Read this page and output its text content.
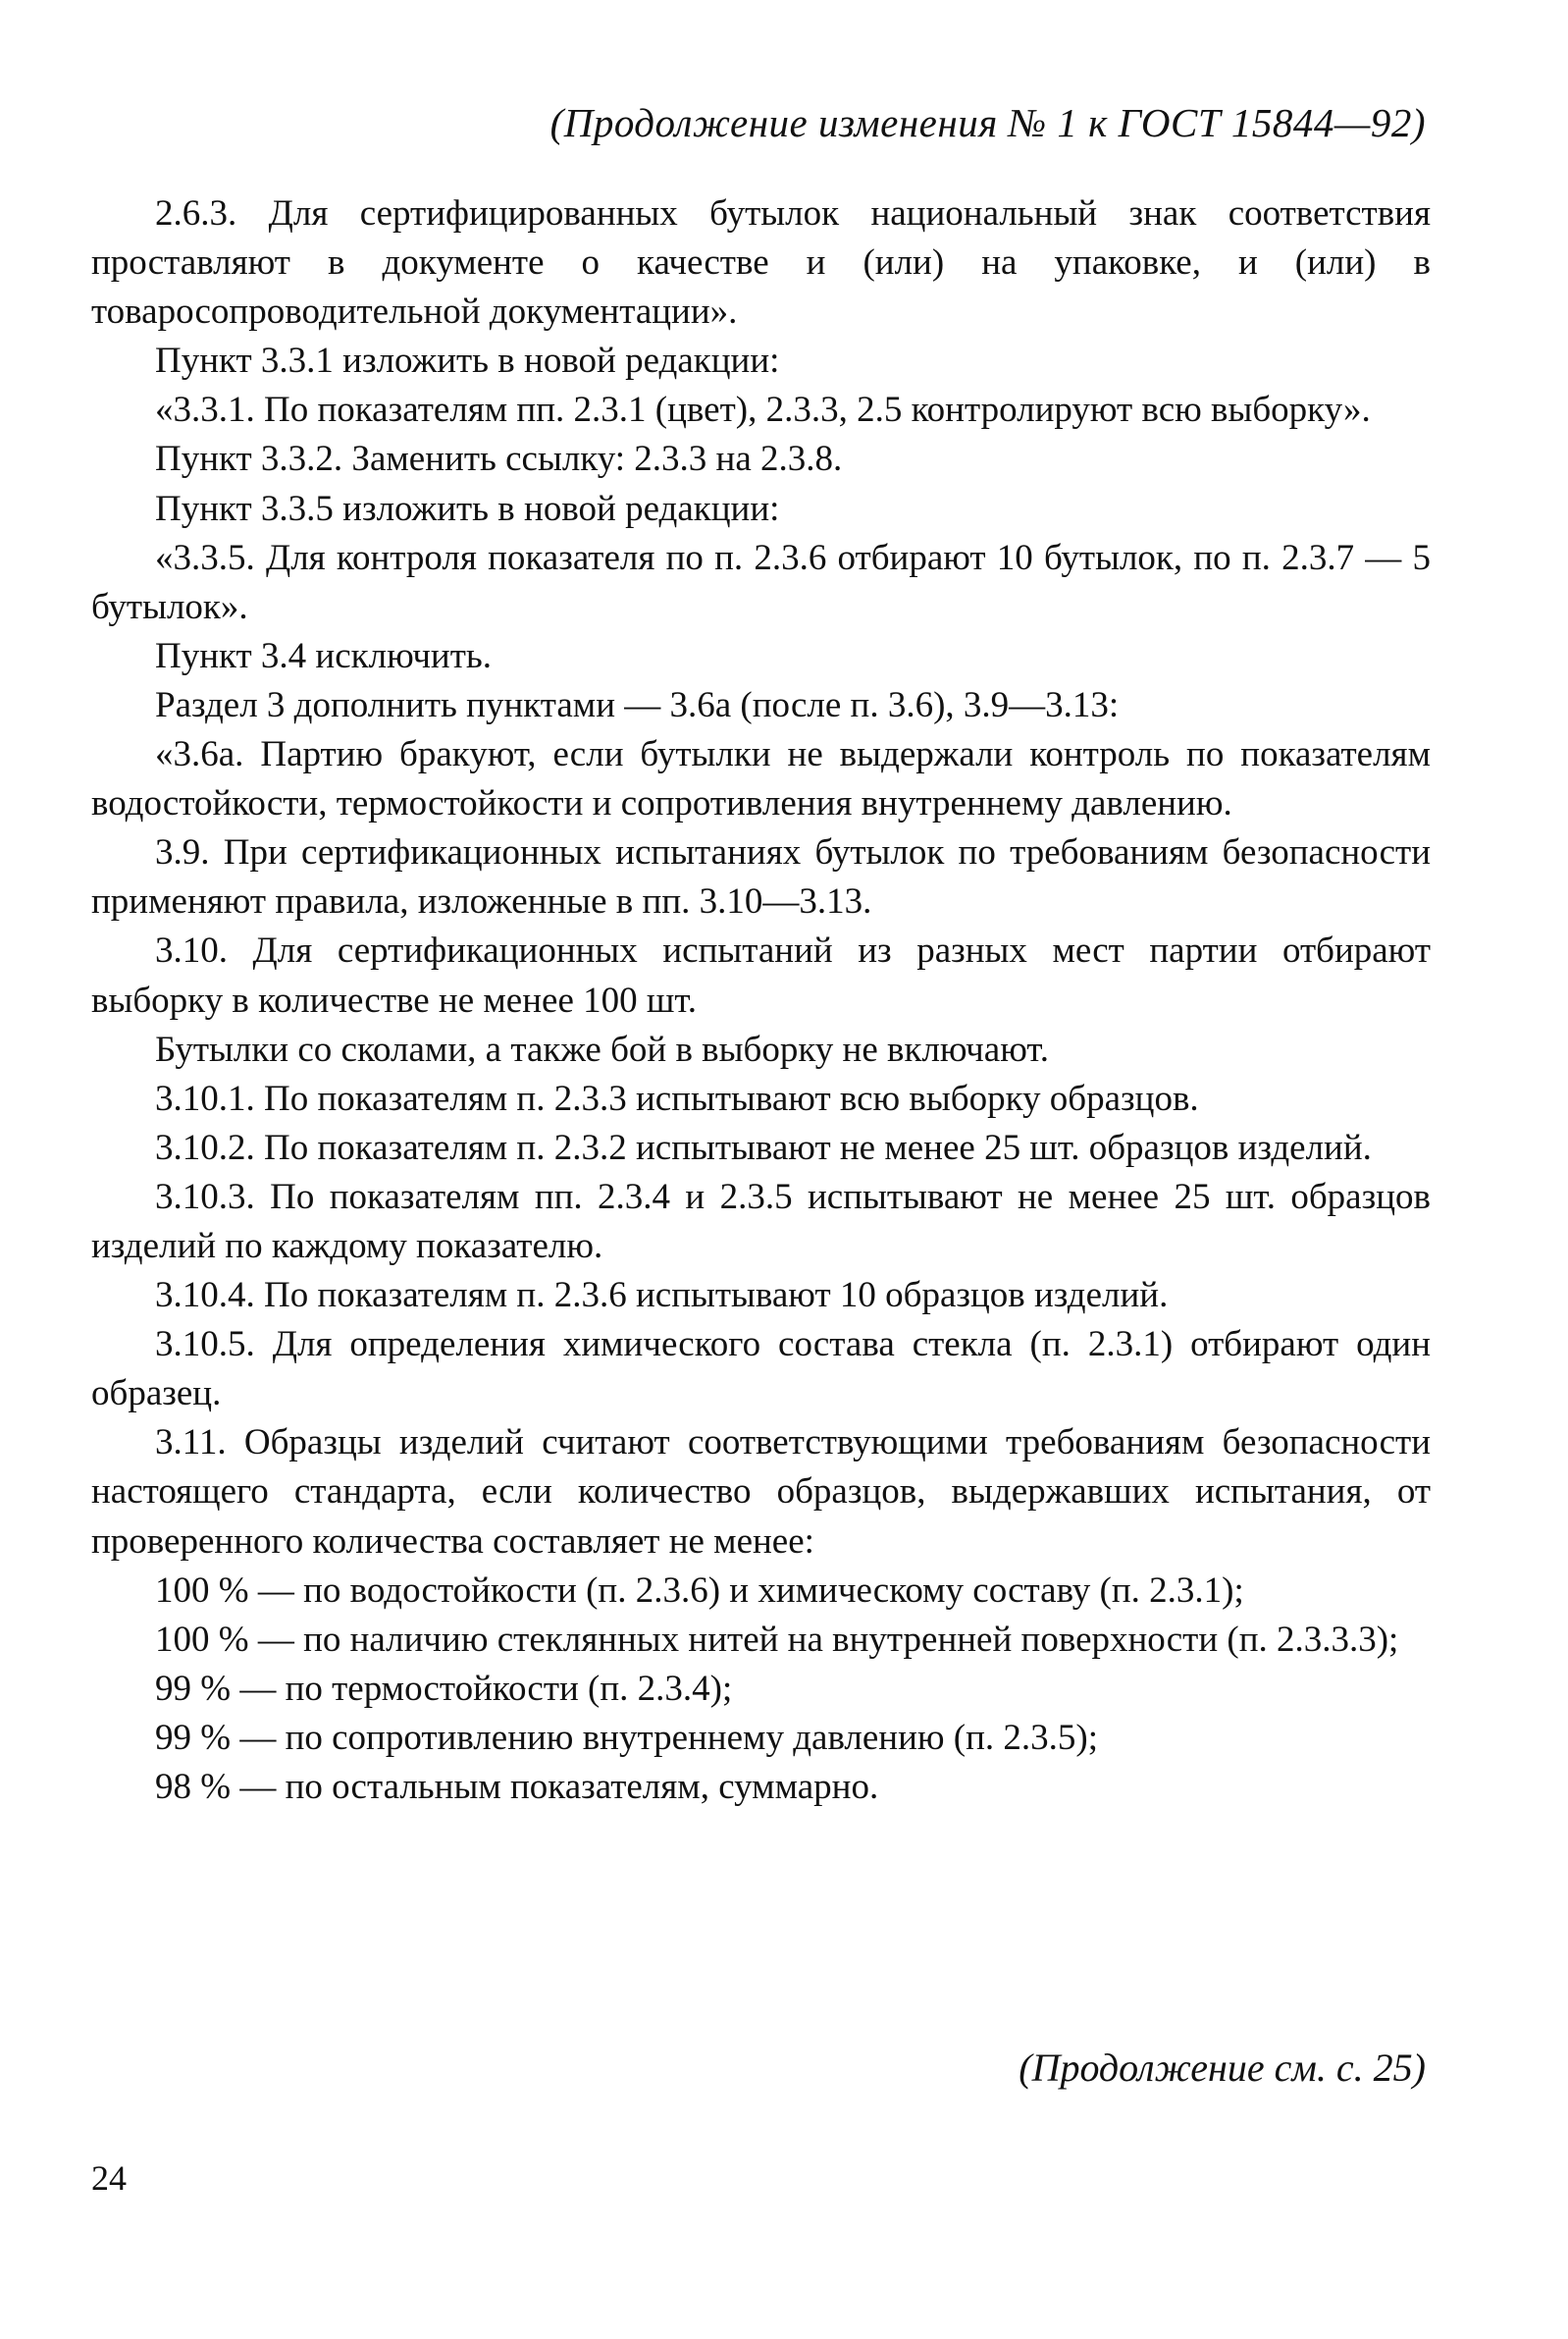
(Продолжение изменения № 1 к ГОСТ 15844—92)

2.6.3. Для сертифицированных бутылок национальный знак соответствия проставляют в документе о качестве и (или) на упаковке, и (или) в товаросопроводительной документации».

Пункт 3.3.1 изложить в новой редакции:

«3.3.1. По показателям пп. 2.3.1 (цвет), 2.3.3, 2.5 контролируют всю выборку».

Пункт 3.3.2. Заменить ссылку: 2.3.3 на 2.3.8.

Пункт 3.3.5 изложить в новой редакции:

«3.3.5. Для контроля показателя по п. 2.3.6 отбирают 10 бутылок, по п. 2.3.7 — 5 бутылок».

Пункт 3.4 исключить.

Раздел 3 дополнить пунктами — 3.6а (после п. 3.6), 3.9—3.13:

«3.6а. Партию бракуют, если бутылки не выдержали контроль по показателям водостойкости, термостойкости и сопротивления внутреннему давлению.

3.9. При сертификационных испытаниях бутылок по требованиям безопасности применяют правила, изложенные в пп. 3.10—3.13.

3.10. Для сертификационных испытаний из разных мест партии отбирают выборку в количестве не менее 100 шт.

Бутылки со сколами, а также бой в выборку не включают.

3.10.1. По показателям п. 2.3.3 испытывают всю выборку образцов.

3.10.2. По показателям п. 2.3.2 испытывают не менее 25 шт. образцов изделий.

3.10.3. По показателям пп. 2.3.4 и 2.3.5 испытывают не менее 25 шт. образцов изделий по каждому показателю.

3.10.4. По показателям п. 2.3.6 испытывают 10 образцов изделий.

3.10.5. Для определения химического состава стекла (п. 2.3.1) отбирают один образец.

3.11. Образцы изделий считают соответствующими требованиям безопасности настоящего стандарта, если количество образцов, выдержавших испытания, от проверенного количества составляет не менее:

100 % — по водостойкости (п. 2.3.6) и химическому составу (п. 2.3.1);

100 % — по наличию стеклянных нитей на внутренней поверхности (п. 2.3.3.3);

99 % — по термостойкости (п. 2.3.4);

99 % — по сопротивлению внутреннему давлению (п. 2.3.5);

98 % — по остальным показателям, суммарно.

(Продолжение см. с. 25)
24
